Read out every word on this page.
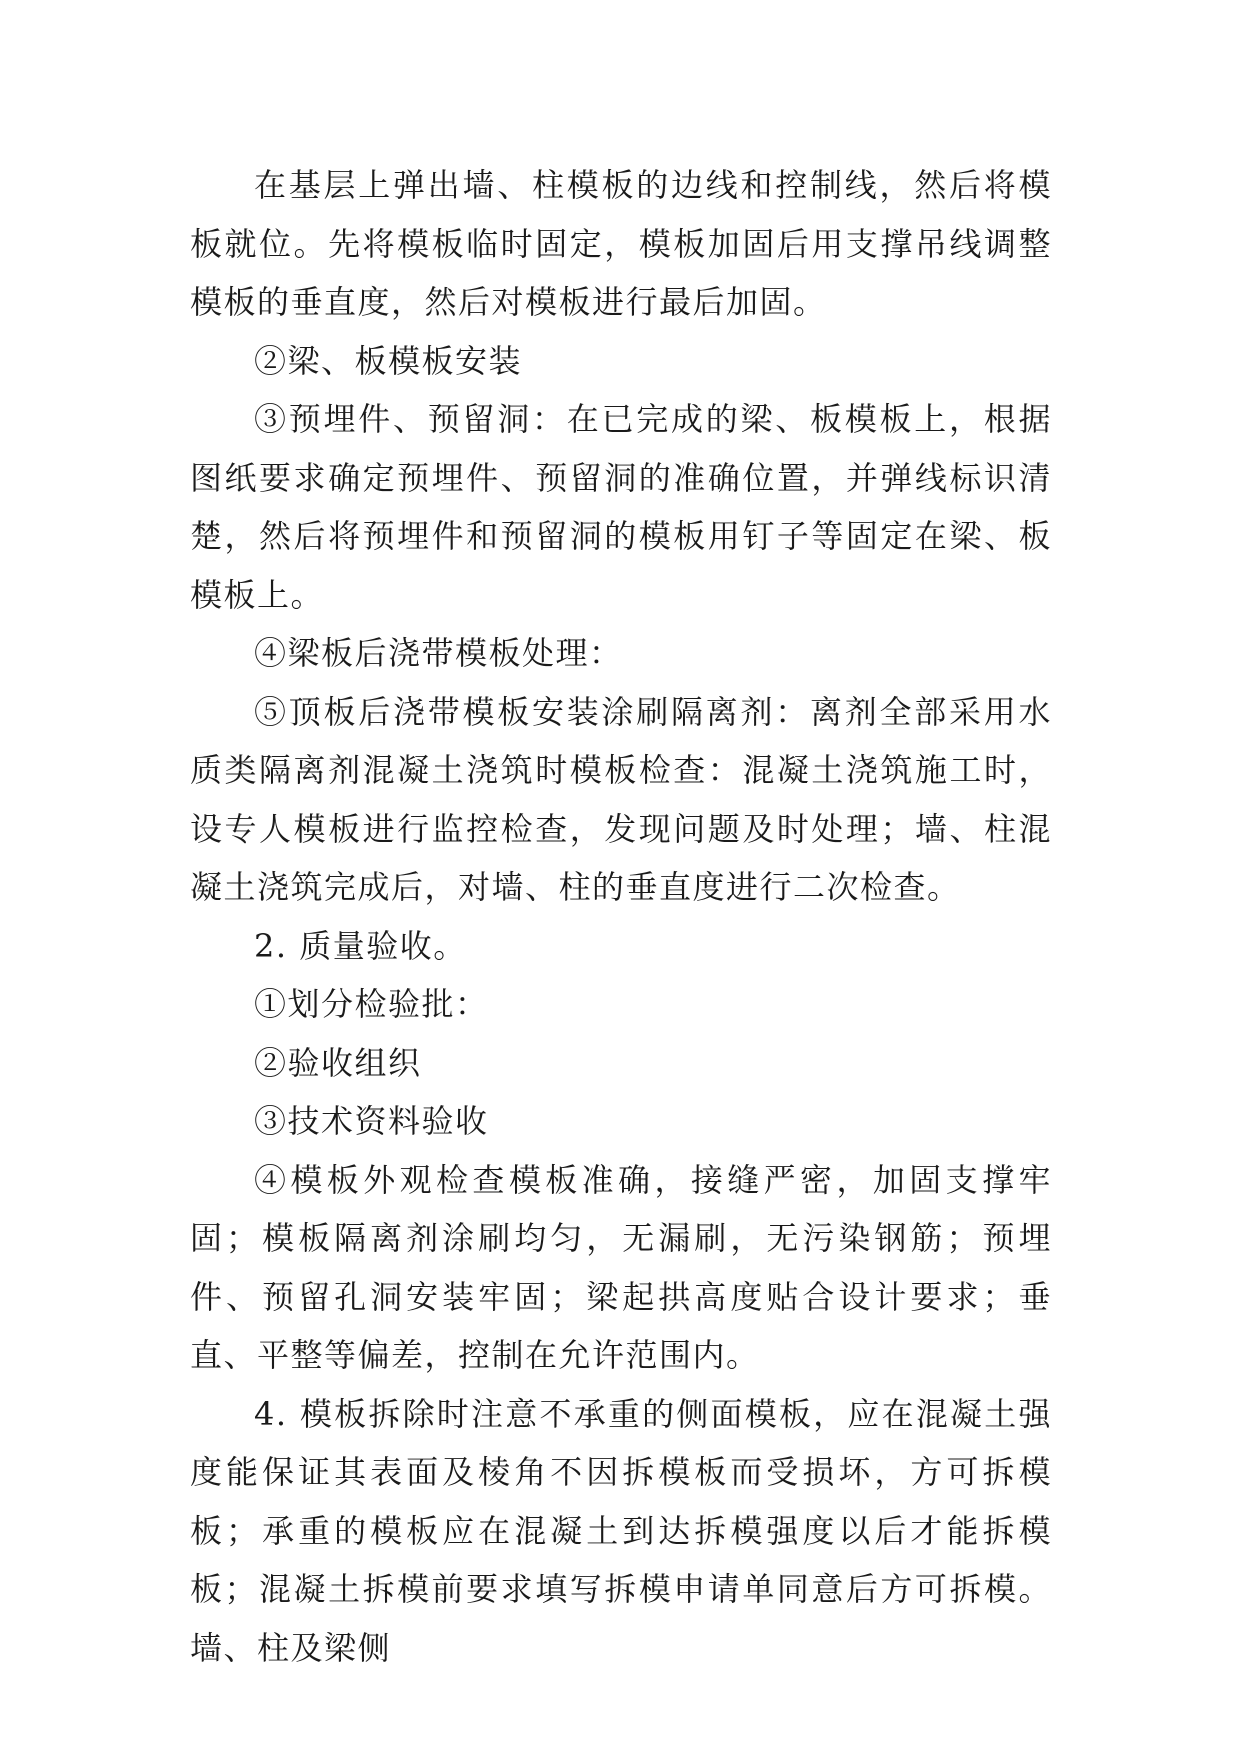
在基层上弹出墙、柱模板的边线和控制线，然后将模板就位。先将模板临时固定，模板加固后用支撑吊线调整模板的垂直度，然后对模板进行最后加固。

②梁、板模板安装

③预埋件、预留洞：在已完成的梁、板模板上，根据图纸要求确定预埋件、预留洞的准确位置，并弹线标识清楚，然后将预埋件和预留洞的模板用钉子等固定在梁、板模板上。

④梁板后浇带模板处理：

⑤顶板后浇带模板安装涂刷隔离剂：离剂全部采用水质类隔离剂混凝土浇筑时模板检查：混凝土浇筑施工时，设专人模板进行监控检查，发现问题及时处理；墙、柱混凝土浇筑完成后，对墙、柱的垂直度进行二次检查。

2. 质量验收。

①划分检验批：

②验收组织

③技术资料验收

④模板外观检查模板准确，接缝严密，加固支撑牢固；模板隔离剂涂刷均匀，无漏刷，无污染钢筋；预埋件、预留孔洞安装牢固；梁起拱高度贴合设计要求；垂直、平整等偏差，控制在允许范围内。

4. 模板拆除时注意不承重的侧面模板，应在混凝土强度能保证其表面及棱角不因拆模板而受损坏，方可拆模板；承重的模板应在混凝土到达拆模强度以后才能拆模板；混凝土拆模前要求填写拆模申请单同意后方可拆模。墙、柱及梁侧
